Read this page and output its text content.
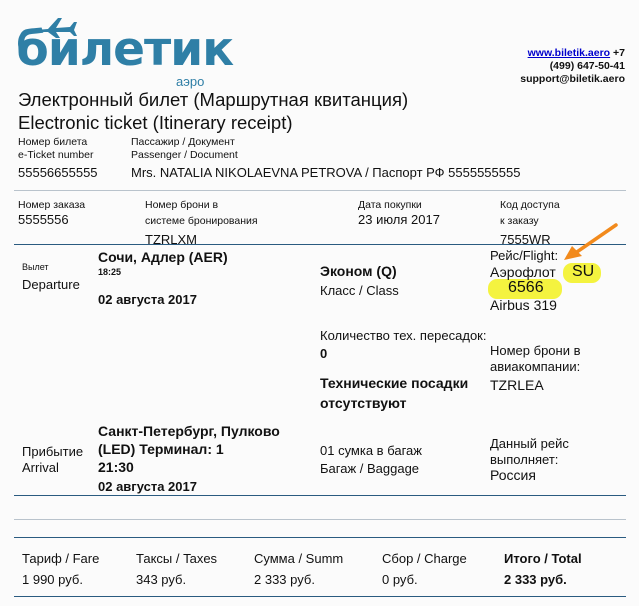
билетик
аэро
www.biletik.aero +7
(499) 647-50-41
support@biletik.aero
Электронный билет (Маршрутная квитанция)
Electronic ticket (Itinerary receipt)
Номер билета
e-Ticket number
55556655555
Пассажир / Документ
Passenger / Document
Mrs. NATALIA NIKOLAEVNA PETROVA / Паспорт РФ 5555555555
Номер заказа
5555556
Номер брони в
системе бронирования
TZRLXM
Дата покупки
23 июля 2017
Код доступа
к заказу
7555WR
Вылет
Departure
Сочи, Адлер (AER)
18:25
02 августа 2017
Эконом (Q)
Класс / Class
Рейс/Flight:
Аэрофлот SU
6566
Airbus 319
Количество тех. пересадок:
0
Технические посадки
отсутствуют
Номер брони в
авиакомпании:
TZRLEA
Прибытие
Arrival
Санкт-Петербург, Пулково
(LED) Терминал: 1
21:30
02 августа 2017
01 сумка в багаж
Багаж / Baggage
Данный рейс
выполняет:
Россия
Тариф / Fare
1 990 руб.
Таксы / Taxes
343 руб.
Сумма / Summ
2 333 руб.
Сбор / Charge
0 руб.
Итого / Total
2 333 руб.
